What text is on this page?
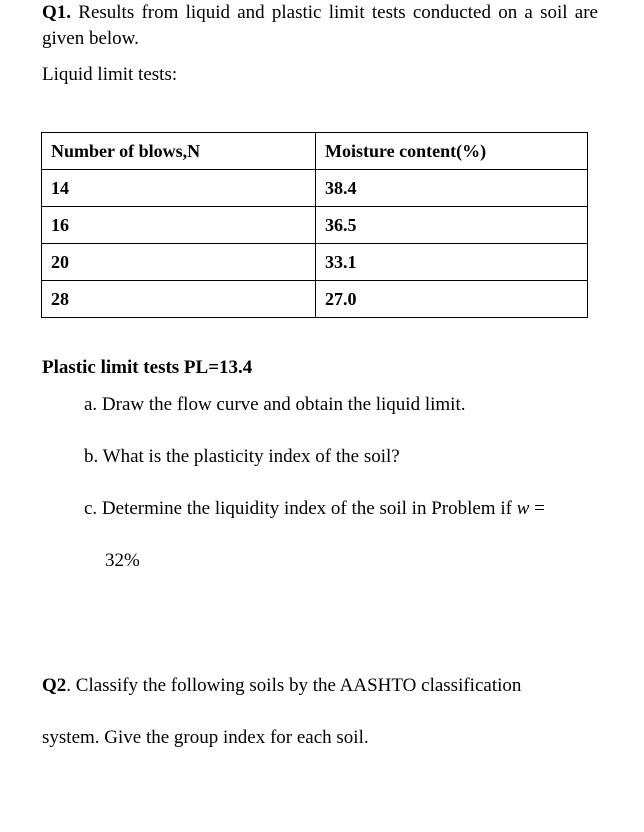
Q1. Results from liquid and plastic limit tests conducted on a soil are
given below.
Liquid limit tests:
Number of blows,N	Moisture content(%)
14	38.4
16	36.5
20	33.1
28	27.0
Plastic limit tests PL=13.4
a. Draw the flow curve and obtain the liquid limit.
b. What is the plasticity index of the soil?
c. Determine the liquidity index of the soil in Problem if w =
32%
Q2. Classify the following soils by the AASHTO classification
system. Give the group index for each soil.
